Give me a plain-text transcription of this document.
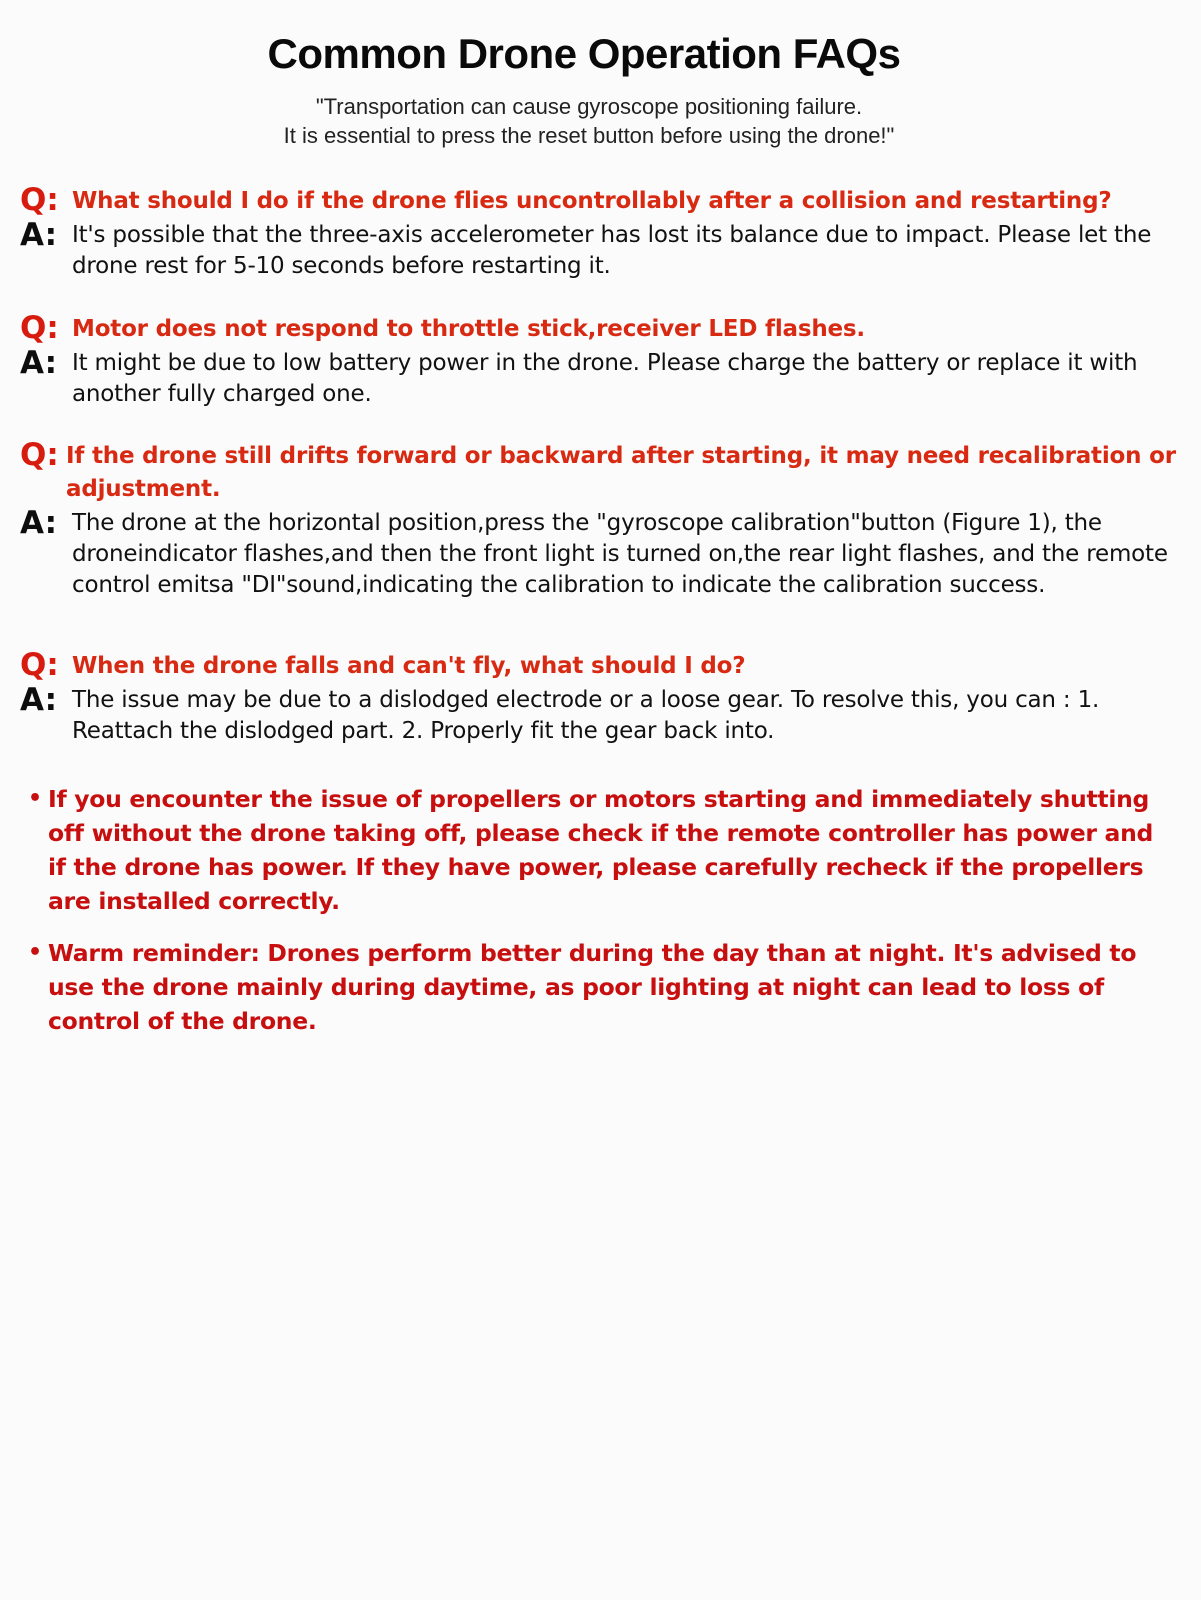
Common Drone Operation FAQs
"Transportation can cause gyroscope positioning failure.
It is essential to press the reset button before using the drone!"
Q: What should I do if the drone flies uncontrollably after a collision and restarting?
A: It's possible that the three-axis accelerometer has lost its balance due to impact. Please let the drone rest for 5-10 seconds before restarting it.
Q: Motor does not respond to throttle stick,receiver LED flashes.
A: It might be due to low battery power in the drone. Please charge the battery or replace it with another fully charged one.
Q: If the drone still drifts forward or backward after starting, it may need recalibration or adjustment.
A: The drone at the horizontal position,press the "gyroscope calibration"button (Figure 1), the droneindicator flashes,and then the front light is turned on,the rear light flashes, and the remote control emitsa "DI"sound,indicating the calibration to indicate the calibration success.
Q: When the drone falls and can't fly, what should I do?
A: The issue may be due to a dislodged electrode or a loose gear. To resolve this, you can : 1. Reattach the dislodged part. 2. Properly fit the gear back into.
• If you encounter the issue of propellers or motors starting and immediately shutting off without the drone taking off, please check if the remote controller has power and if the drone has power. If they have power, please carefully recheck if the propellers are installed correctly.
• Warm reminder: Drones perform better during the day than at night. It's advised to use the drone mainly during daytime, as poor lighting at night can lead to loss of control of the drone.
